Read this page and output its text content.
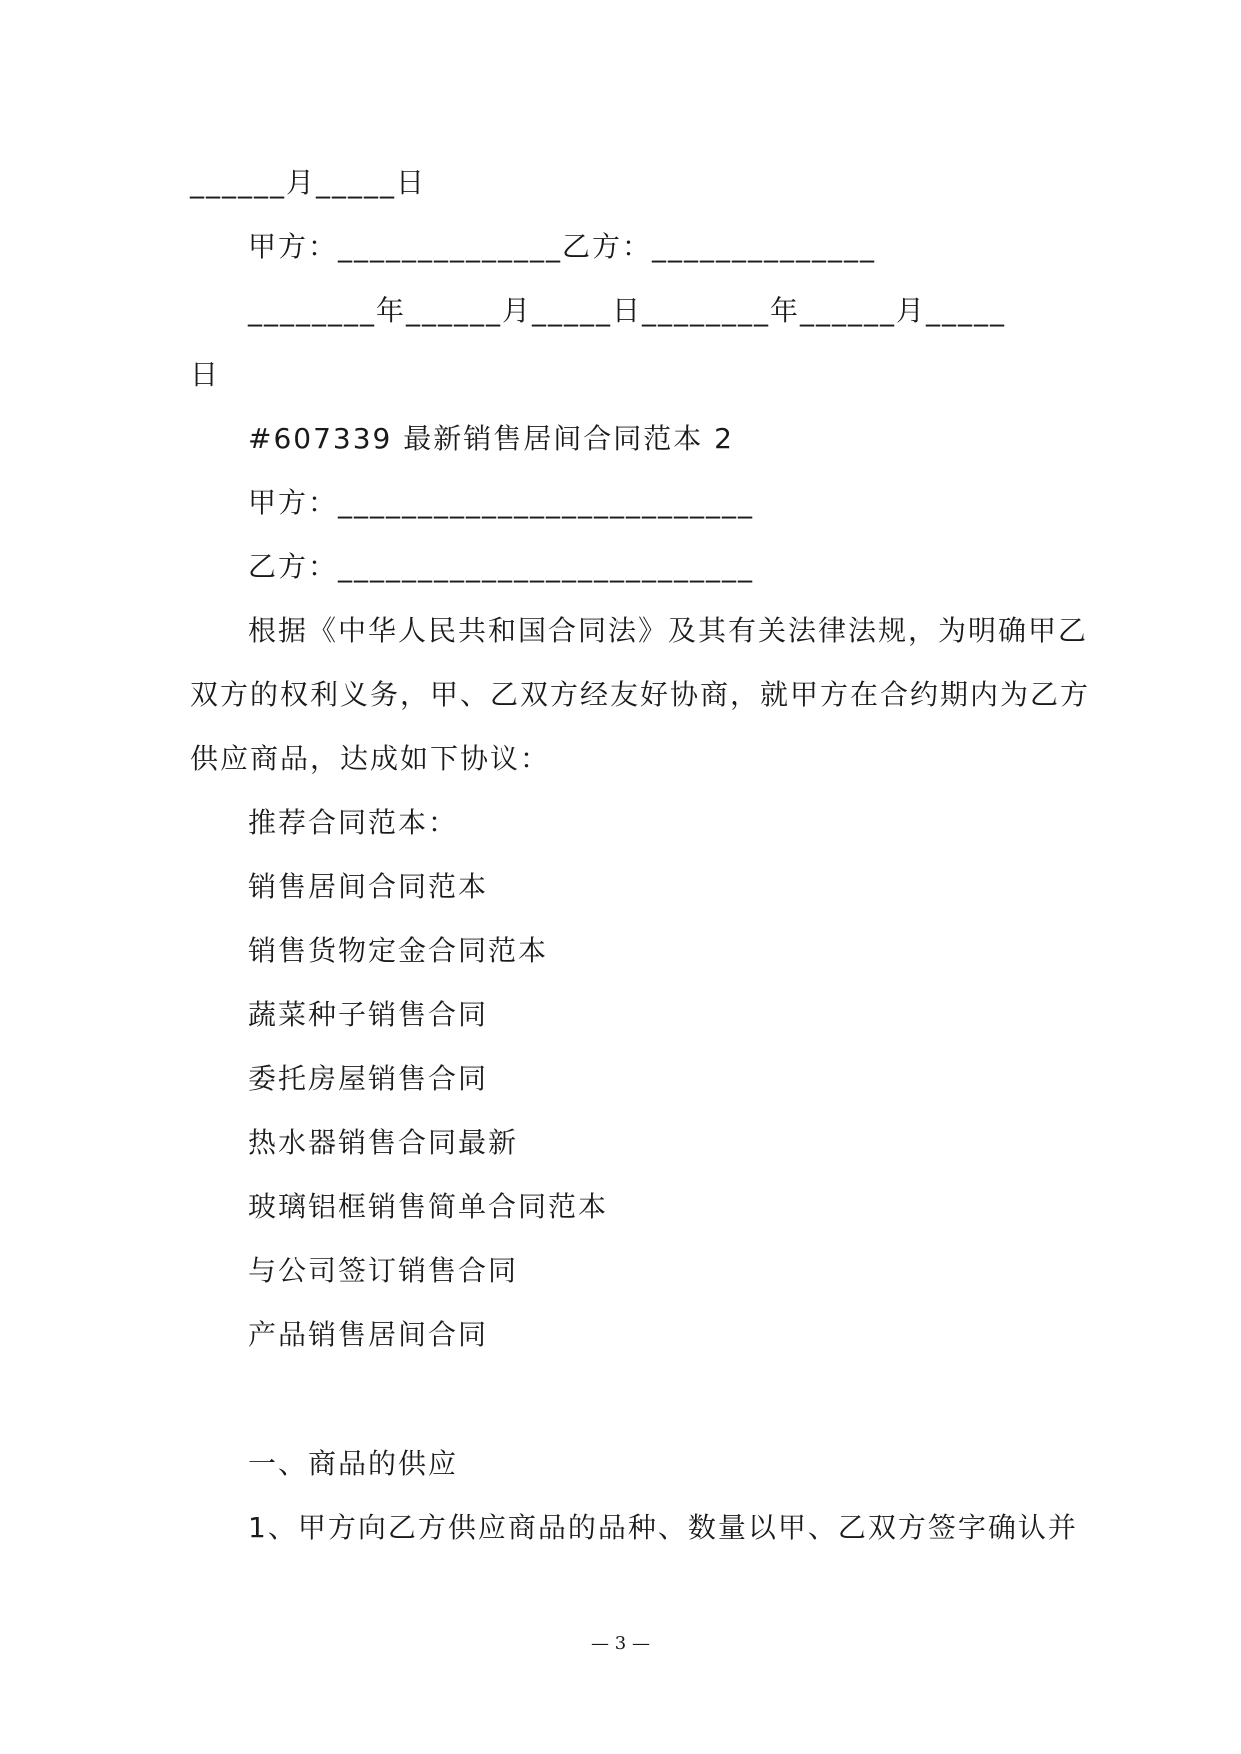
______月_____日

甲方：______________乙方：______________

________年______月_____日________年______月_____

日

#607339 最新销售居间合同范本 2

甲方：__________________________

乙方：__________________________

根据《中华人民共和国合同法》及其有关法律法规，为明确甲乙

双方的权利义务，甲、乙双方经友好协商，就甲方在合约期内为乙方

供应商品，达成如下协议：

推荐合同范本：

销售居间合同范本

销售货物定金合同范本

蔬菜种子销售合同

委托房屋销售合同

热水器销售合同最新

玻璃铝框销售简单合同范本

与公司签订销售合同

产品销售居间合同

一、商品的供应

1、甲方向乙方供应商品的品种、数量以甲、乙双方签字确认并

— 3 —
